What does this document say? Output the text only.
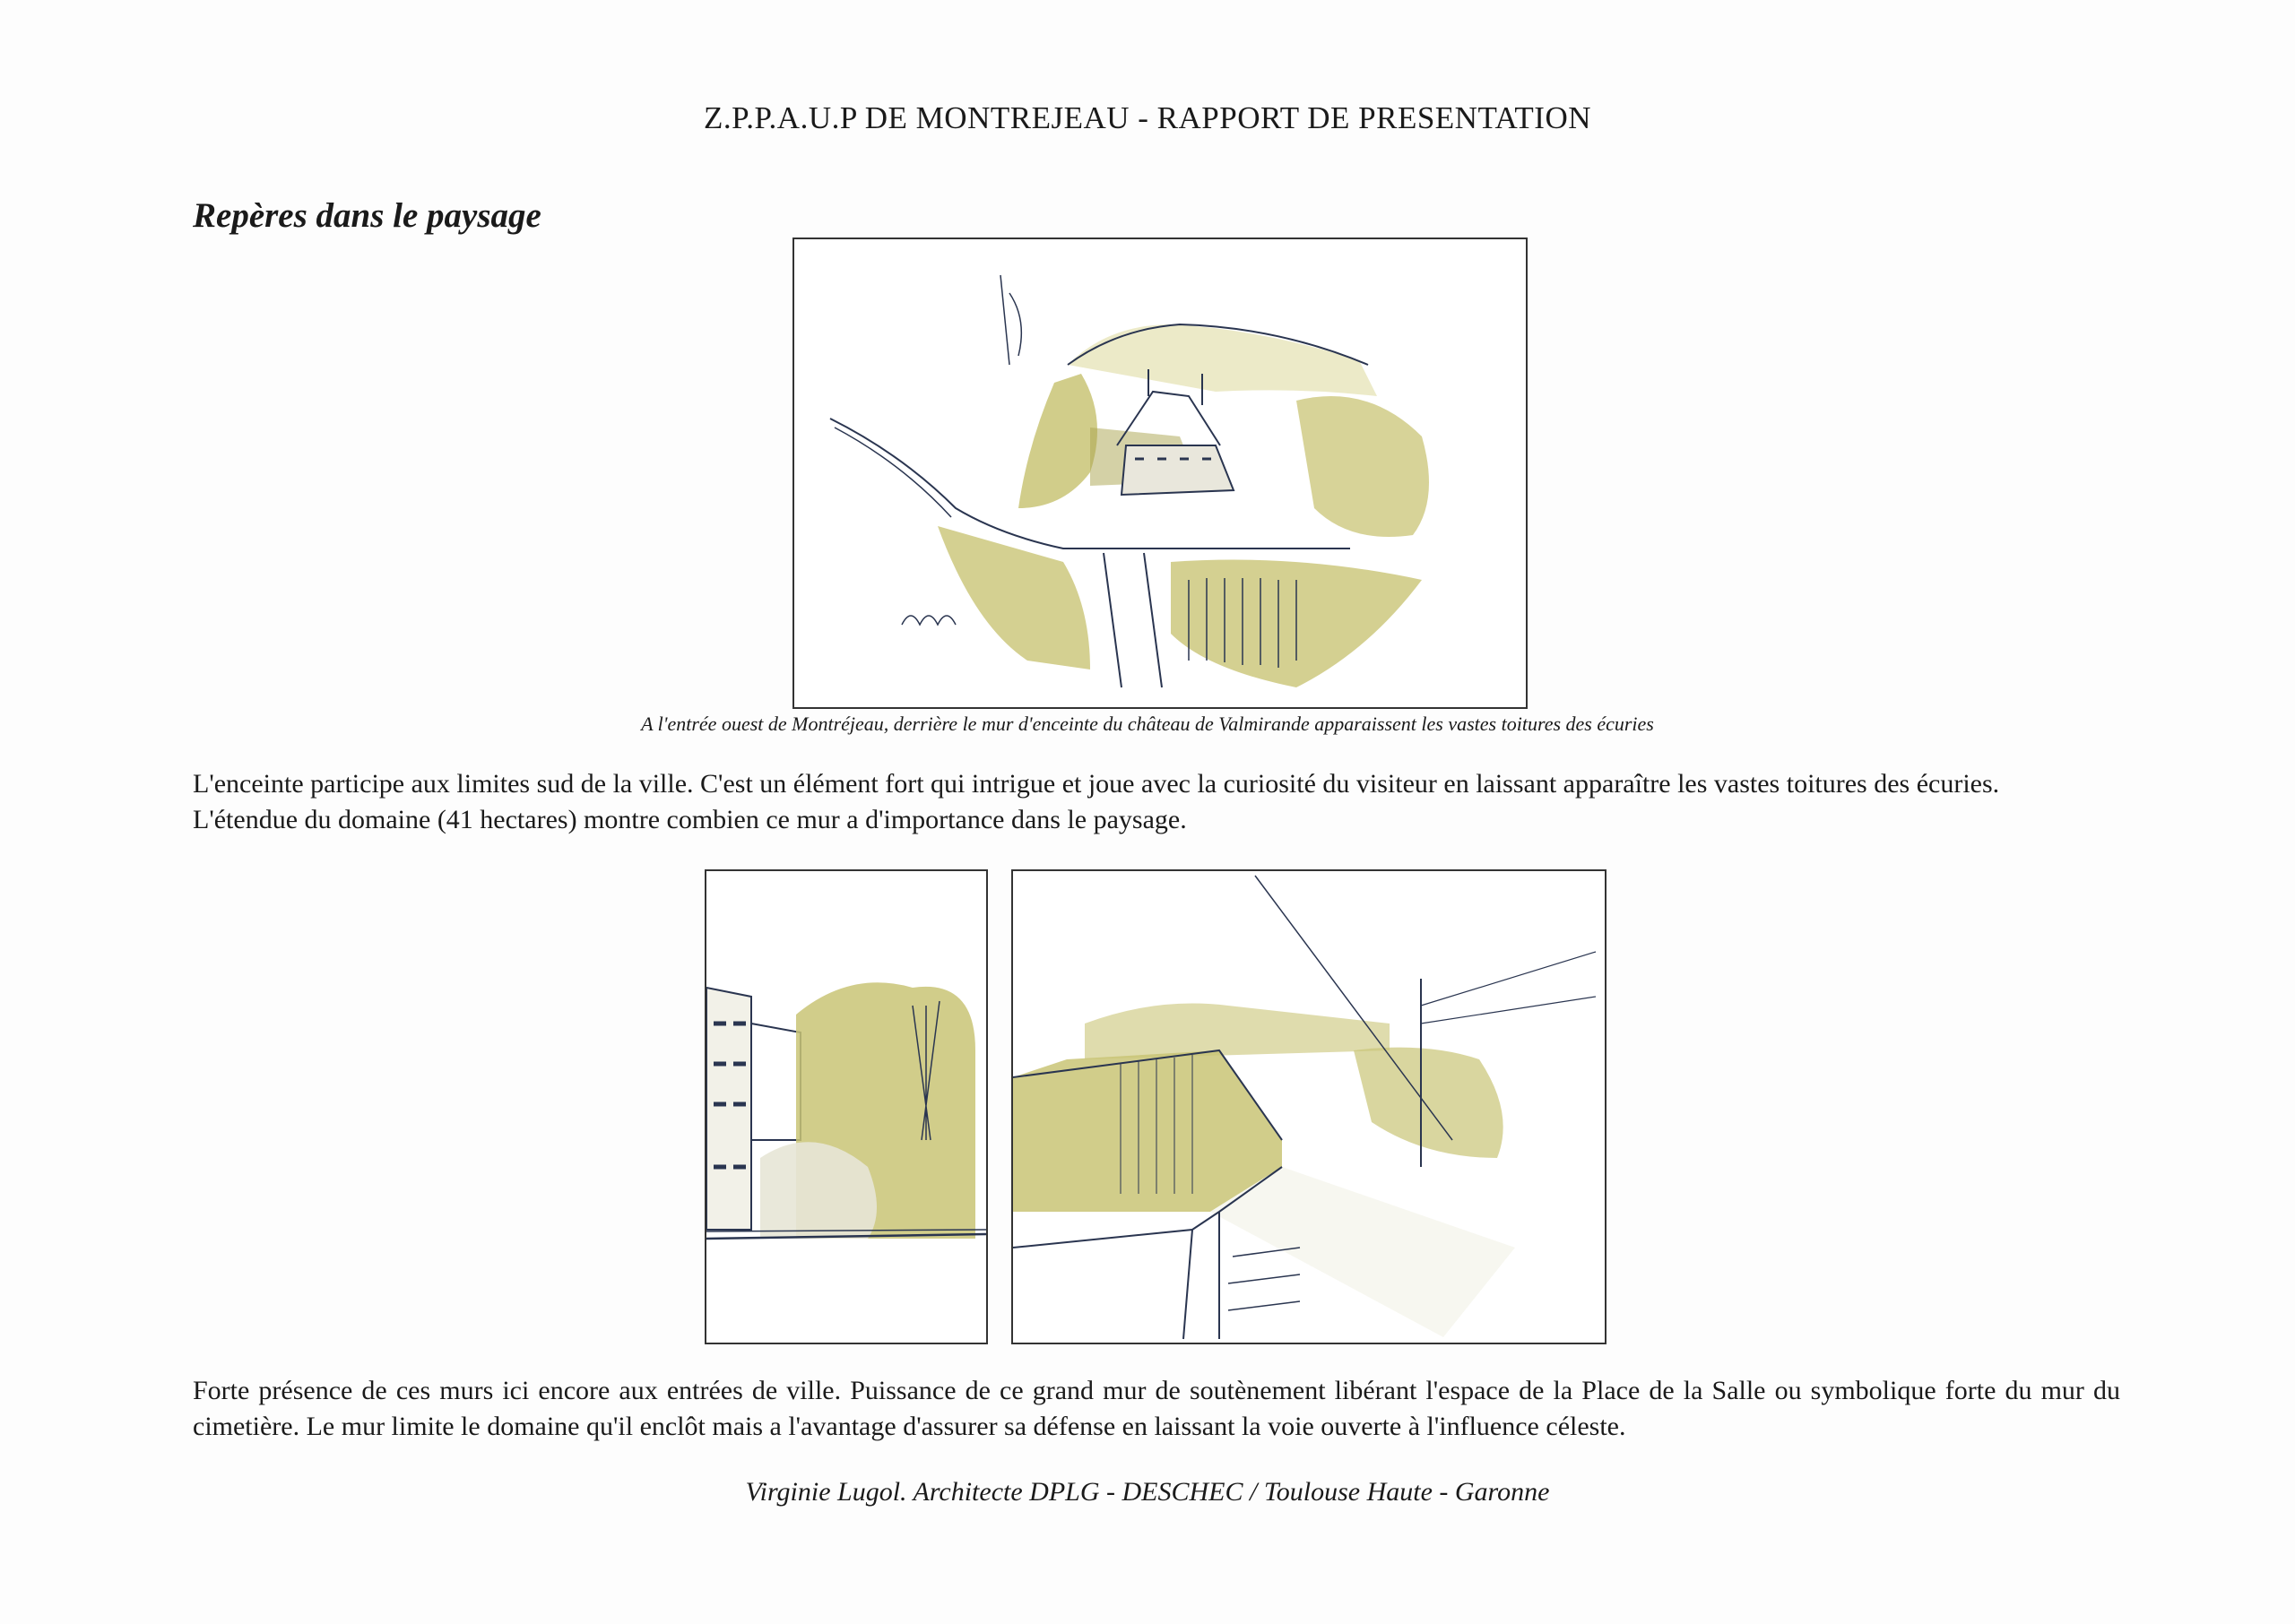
Z.P.P.A.U.P DE MONTREJEAU - RAPPORT DE PRESENTATION
Repères dans le paysage
A l'entrée ouest de Montréjeau, derrière le mur d'enceinte du château de Valmirande apparaissent les vastes toitures des écuries

L'enceinte participe aux limites sud de la ville. C'est un élément fort qui intrigue et joue avec la curiosité du visiteur en laissant apparaître les vastes toitures des écuries.

L'étendue du domaine (41 hectares) montre combien ce mur a d'importance dans le paysage.

Forte présence de ces murs ici encore aux entrées de ville. Puissance de ce grand mur de soutènement libérant l'espace de la Place de la Salle ou symbolique forte du mur du cimetière. Le mur limite le domaine qu'il enclôt mais a l'avantage d'assurer sa défense en laissant la voie ouverte à l'influence céleste.
Virginie Lugol. Architecte DPLG - DESCHEC / Toulouse Haute - Garonne
